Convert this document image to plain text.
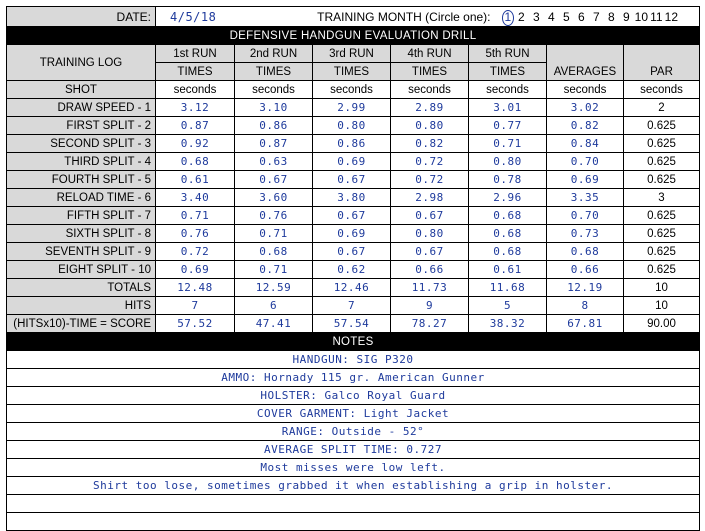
DATE:	4/5/18	TRAINING MONTH (Circle one): 1 2 3 4 5 6 7 8 9 10 11 12					
DEFENSIVE HANDGUN EVALUATION DRILL							
TRAINING LOG	1st RUN	2nd RUN	3rd RUN	4th RUN	5th RUN	AVERAGES	PAR
	TIMES	TIMES	TIMES	TIMES	TIMES		
SHOT	seconds	seconds	seconds	seconds	seconds	seconds	seconds
DRAW SPEED - 1	3.12	3.10	2.99	2.89	3.01	3.02	2
FIRST SPLIT - 2	0.87	0.86	0.80	0.80	0.77	0.82	0.625
SECOND SPLIT - 3	0.92	0.87	0.86	0.82	0.71	0.84	0.625
THIRD SPLIT - 4	0.68	0.63	0.69	0.72	0.80	0.70	0.625
FOURTH SPLIT - 5	0.61	0.67	0.67	0.72	0.78	0.69	0.625
RELOAD TIME - 6	3.40	3.60	3.80	2.98	2.96	3.35	3
FIFTH SPLIT - 7	0.71	0.76	0.67	0.67	0.68	0.70	0.625
SIXTH SPLIT - 8	0.76	0.71	0.69	0.80	0.68	0.73	0.625
SEVENTH SPLIT - 9	0.72	0.68	0.67	0.67	0.68	0.68	0.625
EIGHT SPLIT - 10	0.69	0.71	0.62	0.66	0.61	0.66	0.625
TOTALS	12.48	12.59	12.46	11.73	11.68	12.19	10
HITS	7	6	7	9	5	8	10
(HITSx10)-TIME = SCORE	57.52	47.41	57.54	78.27	38.32	67.81	90.00
NOTES							
HANDGUN: SIG P320							
AMMO: Hornady 115 gr. American Gunner							
HOLSTER: Galco Royal Guard							
COVER GARMENT: Light Jacket							
RANGE: Outside - 52°							
AVERAGE SPLIT TIME: 0.727							
Most misses were low left.							
Shirt too lose, sometimes grabbed it when establishing a grip in holster.							
